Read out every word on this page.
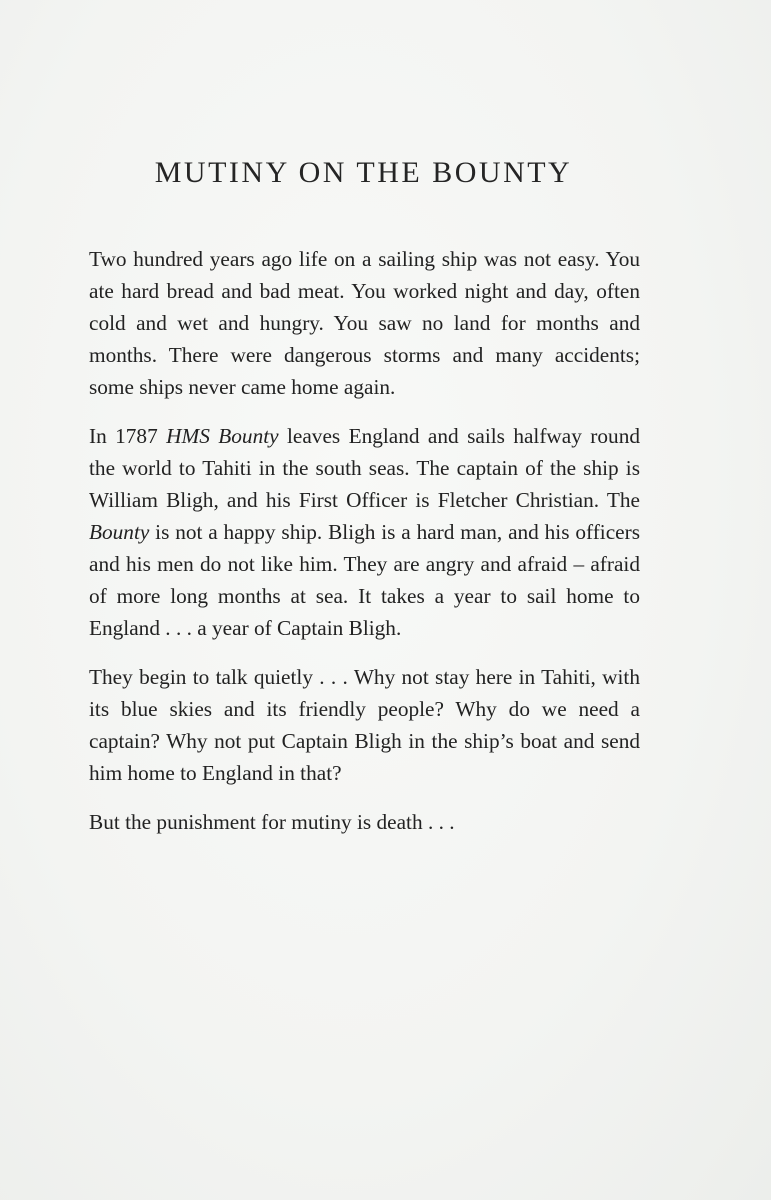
MUTINY ON THE BOUNTY

Two hundred years ago life on a sailing ship was not easy. You ate hard bread and bad meat. You worked night and day, often cold and wet and hungry. You saw no land for months and months. There were dangerous storms and many accidents; some ships never came home again.

In 1787 HMS Bounty leaves England and sails halfway round the world to Tahiti in the south seas. The captain of the ship is William Bligh, and his First Officer is Fletcher Christian. The Bounty is not a happy ship. Bligh is a hard man, and his officers and his men do not like him. They are angry and afraid – afraid of more long months at sea. It takes a year to sail home to England . . . a year of Captain Bligh.

They begin to talk quietly . . . Why not stay here in Tahiti, with its blue skies and its friendly people? Why do we need a captain? Why not put Captain Bligh in the ship’s boat and send him home to England in that?

But the punishment for mutiny is death . . .
